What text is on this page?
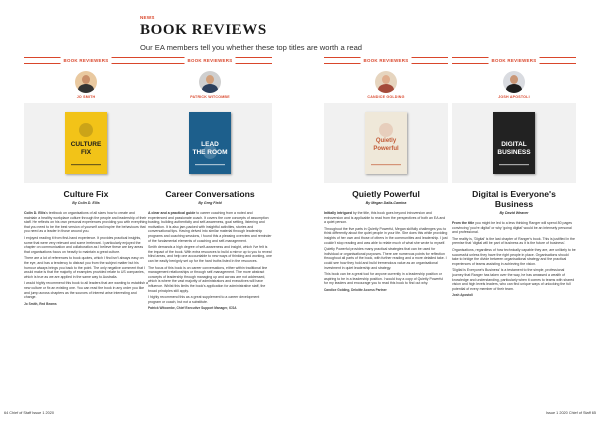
NEWS
BOOK REVIEWS
Our EA members tell you whether these top titles are worth a read
BOOK REVIEWERS
JO SMITH
CULTURE
FIX
Culture Fix
By Colin D. Ellis

Colin D. Ellis's textbook on organisations of all sizes how to create and maintain a healthy workplace culture through the people and leadership of their staff. He reflects on his own personal experiences providing you with everything that you need to be the best version of yourself and inspire the behaviours that you need as a leader in those around you.

I enjoyed reading it from first-hand experience. It provides practical insights, some that were very relevant and some irrelevant. I particularly enjoyed the chapter on communication and collaboration as I believe these are key areas that organisations focus on heavily to maintain a great culture.

There are a lot of references to book quotes, which I find isn't always easy on the eye, and has a tendency to distract you from the subject matter but his humour always brings you back to the point. The only negative comment that I would make is that the majority of examples provided relate to US companies, which is true as we are applied in the same way to Australia.

I would highly recommend this book to all leaders that are wanting to establish a new culture or fix an existing one. You can read the book in any order you like and jump across chapters as the sources of interest arise interesting and change.

Jo Smith, Red Beams
BOOK REVIEWERS
PATRICK WITCOMBE
LEAD
THE ROOM
Career Conversations
By Greg Field

A clear and a practical guide to career coaching from a noted and experienced and passionate coach. It covers the core concepts of assumption busting, building authenticity and self-awareness, goal setting, listening and motivation. It is also jam-packed with insightful activities, stories and conversational tips. Having delved into similar material through leadership programs and coaching sessions, I found this a pleasing overview and reminder of the fundamental elements of coaching and self-management.

Smith demands a high degree of self-awareness and insight, which I've felt is the impact of the book. With extra resources to build a mirror up to you to reveal blind areas, and help one accountable to new ways of thinking and working, one can be easily benignly set up for the hard truths listed in the resources.

The focus of this book is on career conversations, either within traditional line management relationships or through self-management. The more abstract concepts of leadership through managing up and across are not addressed, which is where the vast majority of administrators and executives will have influence. Whilst this limits the book's application for administrative staff, the broad principles still apply.

I highly recommend this as a great supplement to a career development program or coach, but not a substitute.

Patrick Witcombe, Chief Executive Support Manager, ICSA
BOOK REVIEWERS
CANDICE GOLDING
Quietly
Powerful
Quietly Powerful
By Megan Dalla-Camina

Initially intrigued by the title, this book goes beyond introversion and extroversion and is applicable to read from the perspectives of both an EA and a quiet person.

Throughout the five parts in Quietly Powerful, Megan skilfully challenges you to think differently about the quiet people in your life. She does this while providing insights of her own and those of others in the communities and leadership. I just couldn't stop reading and was able to relate much of what she wrote to myself.

Quietly Powerful provides many practical strategies that can be used for individual or organisational purposes. There are numerous points for reflection throughout all parts of the book, with further reading and a more detailed take. I could see how they hold and build tremendous value as an organisational investment in quiet leadership and strategy.

This book can be a great tool for anyone currently in a leadership position or aspiring to be in a leadership position. I would buy a copy of Quietly Powerful for my leaders and encourage you to read this book to find out why.

Candice Golding, Deloitte Access Partner
BOOK REVIEWERS
JOSH APOSTOLI
DIGITAL
BUSINESS
Digital is Everyone's Business
By David Weaver

From the title you might be led to a less thinking Ranger will spend 80 pages convincing 'you're digital' or why 'going digital' would be an intensely personal and professional.

The reality is, 'Digital' is the last chapter of Ranger's book. This is justified in the premise that 'digital will be part of business as it is the future of business'.

Organisations, regardless of how technically capable they are, are unlikely to be successful unless they have the right people in place. Organisations should take to bridge the divide between organisational strategy and the practical experiences of teams assisting in achieving the vision.

'Digital is Everyone's Business' is a testament to the simple, professional journey that Ranger has taken over the way, he has amassed a wealth of knowledge and understanding, particularly when it comes to teams with shared vision and high levels leaders, who can find unique ways of unlocking the full potential of every member of their team.

Josh Apostoli
64 Chief of Staff Issue 1 2020	Issue 1 2020 Chief of Staff 65
